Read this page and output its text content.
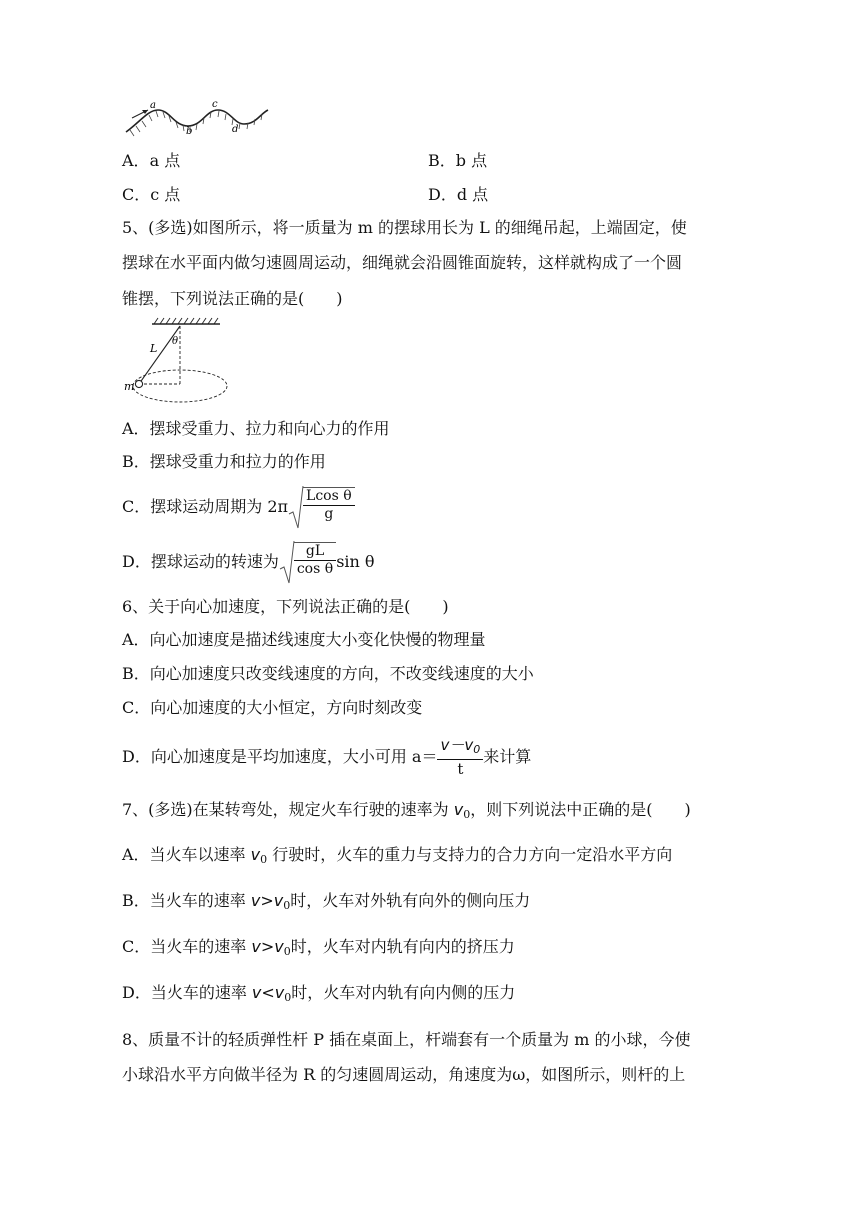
a
b
c
d
A．a 点	B．b 点
C．c 点	D．d 点
5、(多选)如图所示，将一质量为 m 的摆球用长为 L 的细绳吊起，上端固定，使
摆球在水平面内做匀速圆周运动，细绳就会沿圆锥面旋转，这样就构成了一个圆
锥摆，下列说法正确的是(　　)
L
θ
m
A．摆球受重力、拉力和向心力的作用
B．摆球受重力和拉力的作用
C．摆球运动周期为 $2\pi \frac{\text{Lcos θ}}{g}$
D．摆球运动的转速为 $\frac{gL}{\text{cos θ}}$ sin θ
6、关于向心加速度，下列说法正确的是(　　)
A．向心加速度是描述线速度大小变化快慢的物理量
B．向心加速度只改变线速度的方向，不改变线速度的大小
C．向心加速度的大小恒定，方向时刻改变
D．向心加速度是平均加速度，大小可用 $a= \frac{v-v_0}{t}$ 来计算
7、(多选)在某转弯处，规定火车行驶的速率为 $v_0$，则下列说法中正确的是(　　)
A．当火车以速率 $v_0$ 行驶时，火车的重力与支持力的合力方向一定沿水平方向
B．当火车的速率 $v>v_0$时，火车对外轨有向外的侧向压力
C．当火车的速率 $v>v_0$时，火车对内轨有向内的挤压力
D．当火车的速率 $v<v_0$时，火车对内轨有向内侧的压力
8、质量不计的轻质弹性杆 P 插在桌面上，杆端套有一个质量为 m 的小球，今使
小球沿水平方向做半径为 R 的匀速圆周运动，角速度为ω，如图所示，则杆的上
